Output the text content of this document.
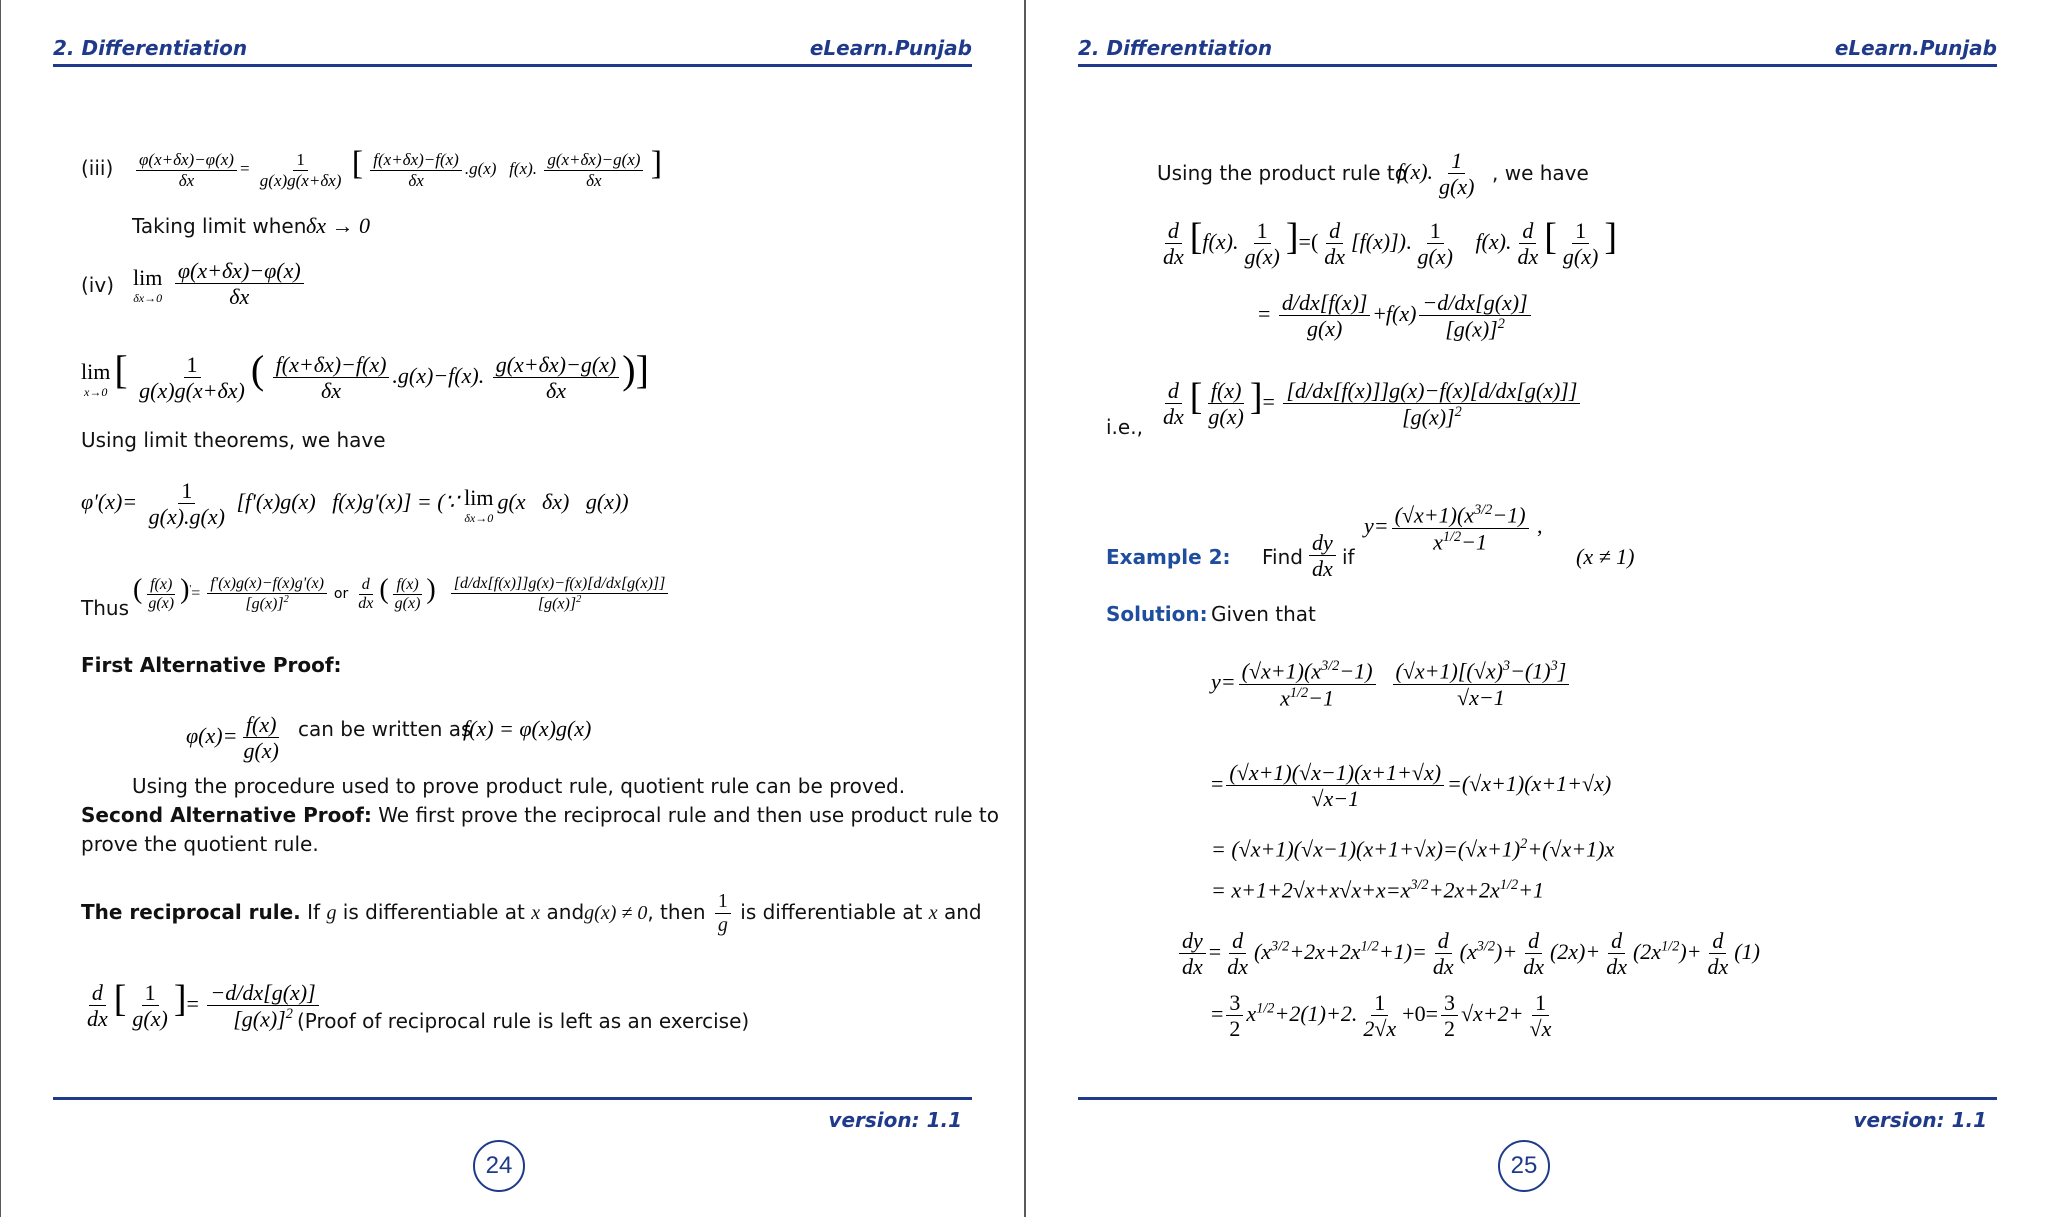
2. Differentiation	eLearn.Punjab
$(iii) \frac{\varphi(x+\delta x)-\varphi(x)}{\delta x} = \frac{1}{g(x)g(x+\delta x)}$ [ $\frac{f(x+\delta x)-f(x)}{\delta x} .g(x)$   f(x). $\frac{g(x+\delta x)-g(x)}{\delta x}$ ]
Taking limit when δx → 0
(iv) lim
δx→0
$\frac{\varphi(x+\delta x)-\varphi(x)}{\delta x}$
lim
x→0 [ $\frac{1}{g(x)g(x+\delta x)}$ ( $\frac{f(x+\delta x)-f(x)}{\delta x} .g(x)-f(x)$. $\frac{g(x+\delta x)-g(x)}{\delta x}$ )]
Using limit theorems, we have
$\varphi'(x)= \frac{1}{g(x).g(x)} [f'(x)g(x) f(x)g'(x)]$ = (∵ lim
δx→0
g(x   δx)   g(x))
Thus
( $\frac{f(x)}{g(x)} )'= \frac{f'(x)g(x)-f(x)g'(x)}{[g(x)]^2}$ or $\frac{d}{dx}$ ( $\frac{f(x)}{g(x)}$ ) $\frac{[d/dx[f(x)]]g(x)-f(x)[d/dx[g(x)]]}{[g(x)]^2}$
First Alternative Proof:
$\varphi(x)= \frac{f(x)}{g(x)}$ can be written as
f(x) = φ(x)g(x)
Using the procedure used to prove product rule, quotient rule can be proved.
Second Alternative Proof: We first prove the reciprocal rule and then use product rule to
prove the quotient rule.
The reciprocal rule. If g is differentiable at x andg(x) ≠ 0, then $\frac{1}{g}$ is differentiable at x and
$\frac{d}{dx}$ [ $\frac{1}{g(x)}$ ]= $\frac{-d/dx[g(x)]}{[g(x)]^2}$
(Proof of reciprocal rule is left as an exercise)
version: 1.1
24
2. Differentiation	eLearn.Punjab
Using the product rule to
f(x). $\frac{1}{g(x)}$ , we have
$\frac{d}{dx} [f(x)$. $\frac{1}{g(x)}$ ]=( $\frac{d}{dx} [f(x)]$). $\frac{1}{g(x)} f(x)$. $\frac{d}{dx}$ [ $\frac{1}{g(x)}$ ]
= $\frac{d/dx[f(x)]}{g(x)} +f(x) \frac{-d/dx[g(x)]}{[g(x)]^2}$
i.e., $\frac{d}{dx}$ [ $\frac{f(x)}{g(x)}$ ]= $\frac{[d/dx[f(x)]]g(x)-f(x)[d/dx[g(x)]]}{[g(x)]^2}$
Example 2: Find $\frac{dy}{dx}$ if
$y= \frac{(√x+1)(x^{3/2}-1)}{x^{1/2}-1}$ ,
(x ≠ 1)
Solution: Given that
$y= \frac{(√x+1)(x^{3/2}-1)}{x^{1/2}-1}$
$\frac{(√x+1)[(√x)^3-(1)^3]}{√x-1}$
= $\frac{(√x+1)(√x-1)(x+1+√x)}{√x-1} =(√x+1)(x+1+√x)$
= $(√x+1)(√x-1)(x+1+√x)=(√x+1)^2+(√x+1)x$
= $x+1+2√x+x√x+x=x^{3/2}+2x+2x^{1/2}+1$
$\frac{dy}{dx} = \frac{d}{dx} (x^{3/2}+2x+2x^{1/2}+1)= \frac{d}{dx} (x^{3/2})+ \frac{d}{dx} (2x)+ \frac{d}{dx} (2x^{1/2})+ \frac{d}{dx} (1)$
= $\frac{3}{2} x^{1/2}+2(1)+2$. $\frac{1}{2√x} +0= \frac{3}{2} √x+2+ \frac{1}{√x}$
version: 1.1
25
